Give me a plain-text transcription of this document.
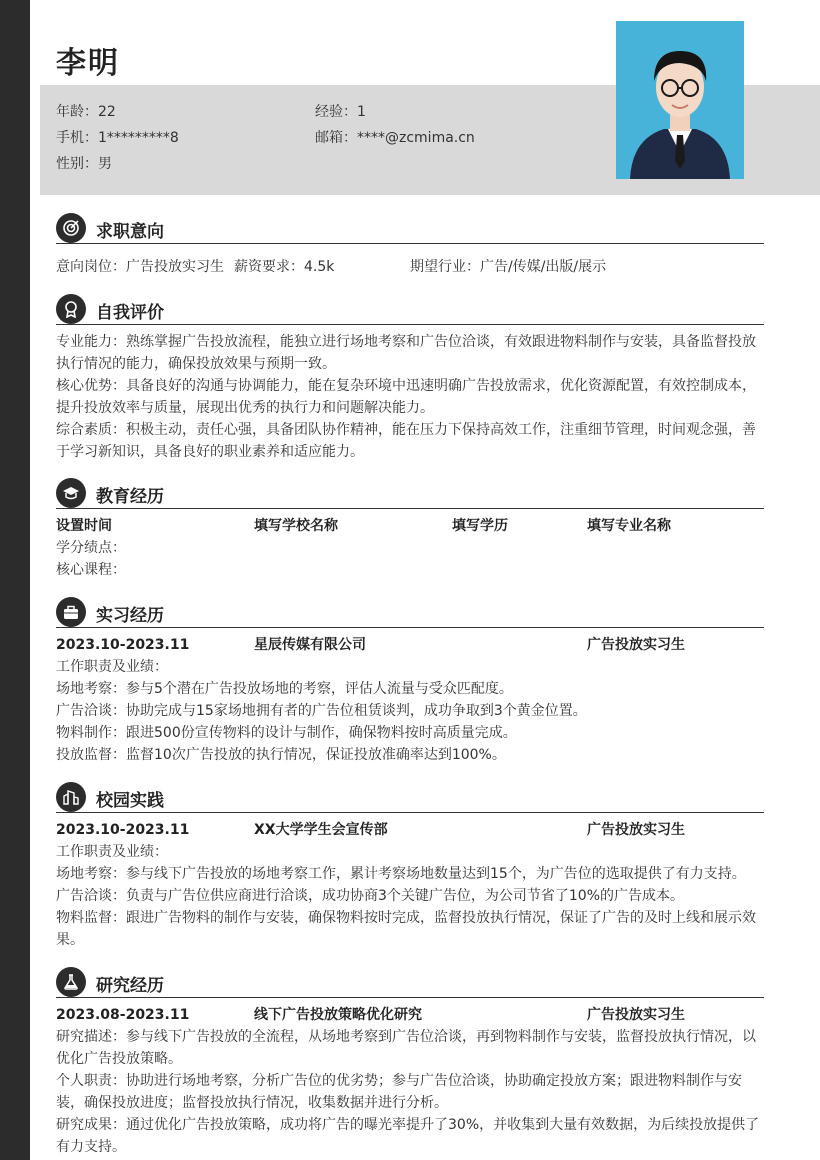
李明
年龄：22	经验：1
手机：1*********8	邮箱：****@zcmima.cn
性别：男
求职意向
意向岗位：广告投放实习生 薪资要求：4.5k	期望行业：广告/传媒/出版/展示
自我评价
专业能力：熟练掌握广告投放流程，能独立进行场地考察和广告位洽谈，有效跟进物料制作与安装，具备监督投放
执行情况的能力，确保投放效果与预期一致。
核心优势：具备良好的沟通与协调能力，能在复杂环境中迅速明确广告投放需求，优化资源配置，有效控制成本，
提升投放效率与质量，展现出优秀的执行力和问题解决能力。
综合素质：积极主动，责任心强，具备团队协作精神，能在压力下保持高效工作，注重细节管理，时间观念强，善
于学习新知识，具备良好的职业素养和适应能力。
教育经历
设置时间	填写学校名称	填写学历	填写专业名称
学分绩点：
核心课程：
实习经历
2023.10-2023.11	星辰传媒有限公司	广告投放实习生
工作职责及业绩：
场地考察：参与5个潜在广告投放场地的考察，评估人流量与受众匹配度。
广告洽谈：协助完成与15家场地拥有者的广告位租赁谈判，成功争取到3个黄金位置。
物料制作：跟进500份宣传物料的设计与制作，确保物料按时高质量完成。
投放监督：监督10次广告投放的执行情况，保证投放准确率达到100%。
校园实践
2023.10-2023.11	XX大学学生会宣传部	广告投放实习生
工作职责及业绩：
场地考察：参与线下广告投放的场地考察工作，累计考察场地数量达到15个，为广告位的选取提供了有力支持。
广告洽谈：负责与广告位供应商进行洽谈，成功协商3个关键广告位，为公司节省了10%的广告成本。
物料监督：跟进广告物料的制作与安装，确保物料按时完成，监督投放执行情况，保证了广告的及时上线和展示效
果。
研究经历
2023.08-2023.11	线下广告投放策略优化研究	广告投放实习生
研究描述：参与线下广告投放的全流程，从场地考察到广告位洽谈，再到物料制作与安装，监督投放执行情况，以
优化广告投放策略。
个人职责：协助进行场地考察，分析广告位的优劣势；参与广告位洽谈，协助确定投放方案；跟进物料制作与安
装，确保投放进度；监督投放执行情况，收集数据并进行分析。
研究成果：通过优化广告投放策略，成功将广告的曝光率提升了30%，并收集到大量有效数据，为后续投放提供了
有力支持。
